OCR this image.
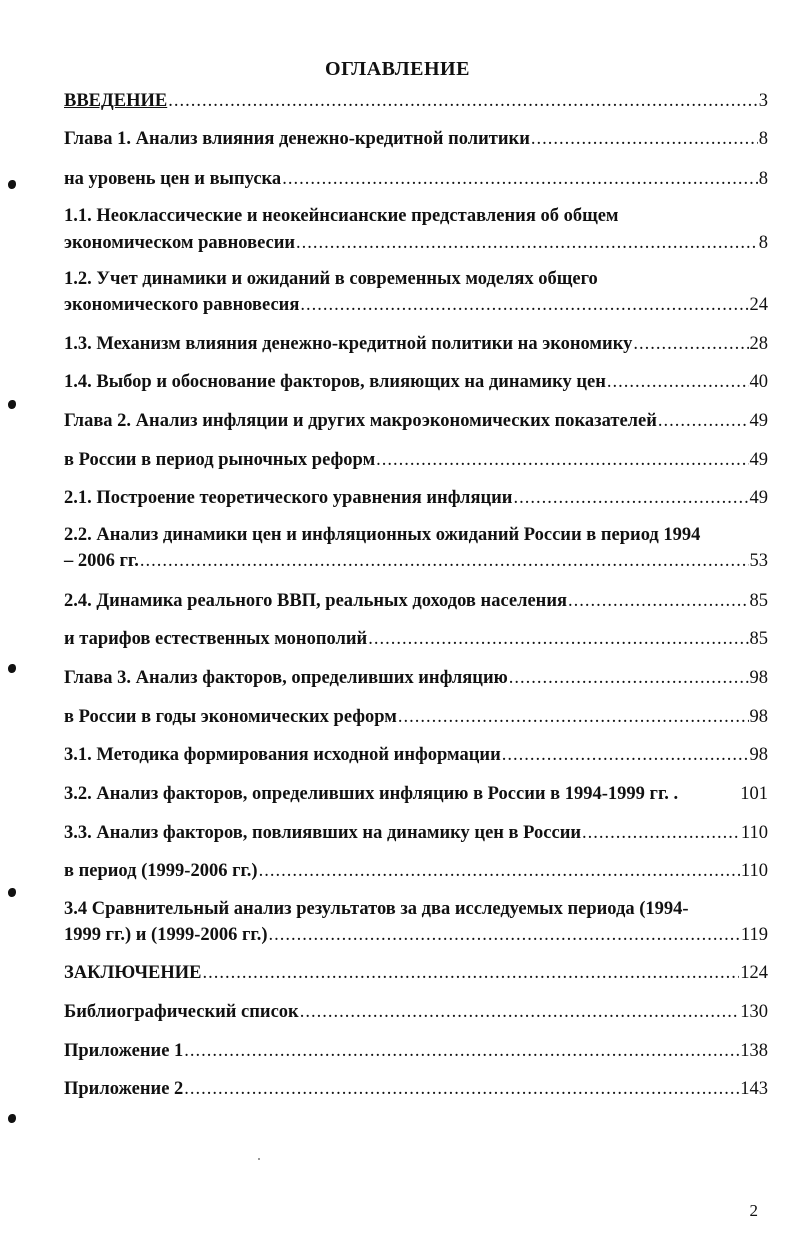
ОГЛАВЛЕНИЕ
ВВЕДЕНИЕ .....	3
Глава 1. Анализ влияния денежно-кредитной политики .....	8
на уровень цен и выпуска .....	8
1.1. Неоклассические и неокейнсианские представления об общем
экономическом равновесии .....	8
1.2. Учет динамики и ожиданий в современных моделях общего
экономического равновесия .....	24
1.3. Механизм влияния денежно-кредитной политики на экономику .....	28
1.4. Выбор и обоснование факторов, влияющих на динамику цен .....	40
Глава 2. Анализ инфляции и других макроэкономических показателей .....	49
в России в период рыночных реформ .....	49
2.1. Построение теоретического уравнения инфляции .....	49
2.2. Анализ динамики цен и инфляционных ожиданий России в период 1994
– 2006 гг. .....	53
2.4. Динамика реального ВВП, реальных доходов населения .....	85
и тарифов естественных монополий .....	85
Глава 3. Анализ факторов, определивших инфляцию .....	98
в России в годы экономических реформ .....	98
3.1. Методика формирования исходной информации .....	98
3.2. Анализ факторов, определивших инфляцию в России в 1994-1999 гг. .	101
3.3. Анализ факторов, повлиявших на динамику цен в России .....	110
в период (1999-2006 гг.) .....	110
3.4 Сравнительный анализ результатов за два исследуемых периода (1994-
1999 гг.) и (1999-2006 гг.) .....	119
ЗАКЛЮЧЕНИЕ .....	124
Библиографический список .....	130
Приложение 1 .....	138
Приложение 2 .....	143
2
